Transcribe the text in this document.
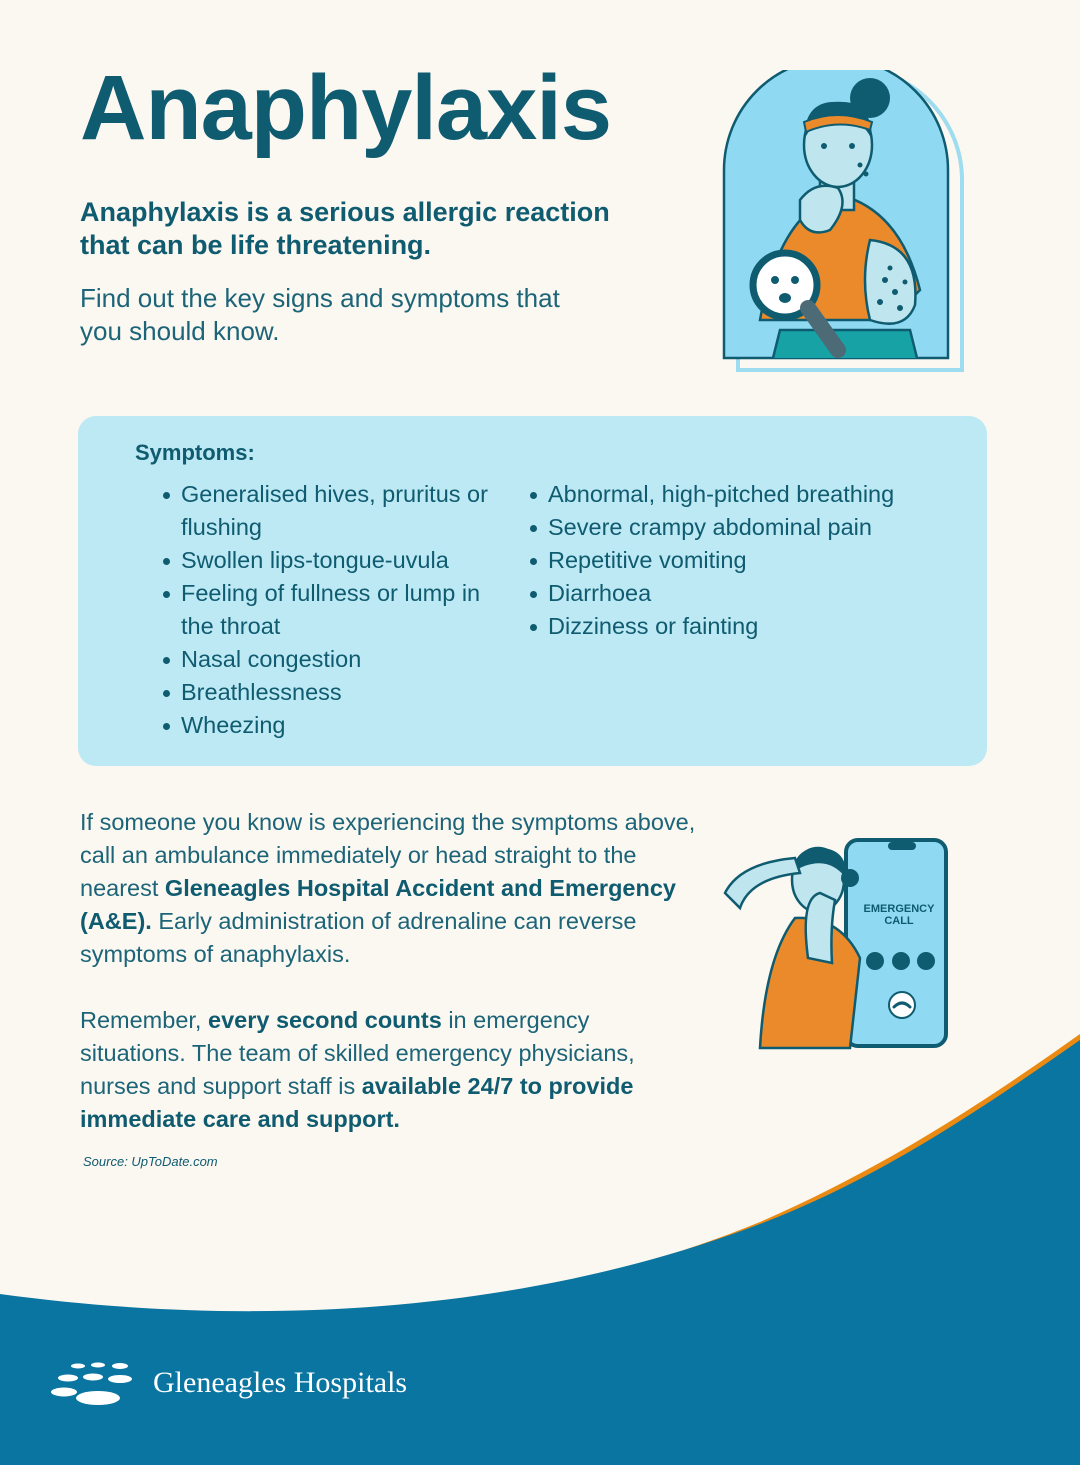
Anaphylaxis

Anaphylaxis is a serious allergic reaction that can be life threatening.

Find out the key signs and symptoms that you should know.

Symptoms:
Generalised hives, pruritus or flushing
Swollen lips-tongue-uvula
Feeling of fullness or lump in the throat
Nasal congestion
Breathlessness
Wheezing
Abnormal, high-pitched breathing
Severe crampy abdominal pain
Repetitive vomiting
Diarrhoea
Dizziness or fainting

If someone you know is experiencing the symptoms above, call an ambulance immediately or head straight to the nearest Gleneagles Hospital Accident and Emergency (A&E). Early administration of adrenaline can reverse symptoms of anaphylaxis.

Remember, every second counts in emergency situations. The team of skilled emergency physicians, nurses and support staff is available 24/7 to provide immediate care and support.

Source: UpToDate.com

EMERGENCY
CALL

Gleneagles Hospitals
